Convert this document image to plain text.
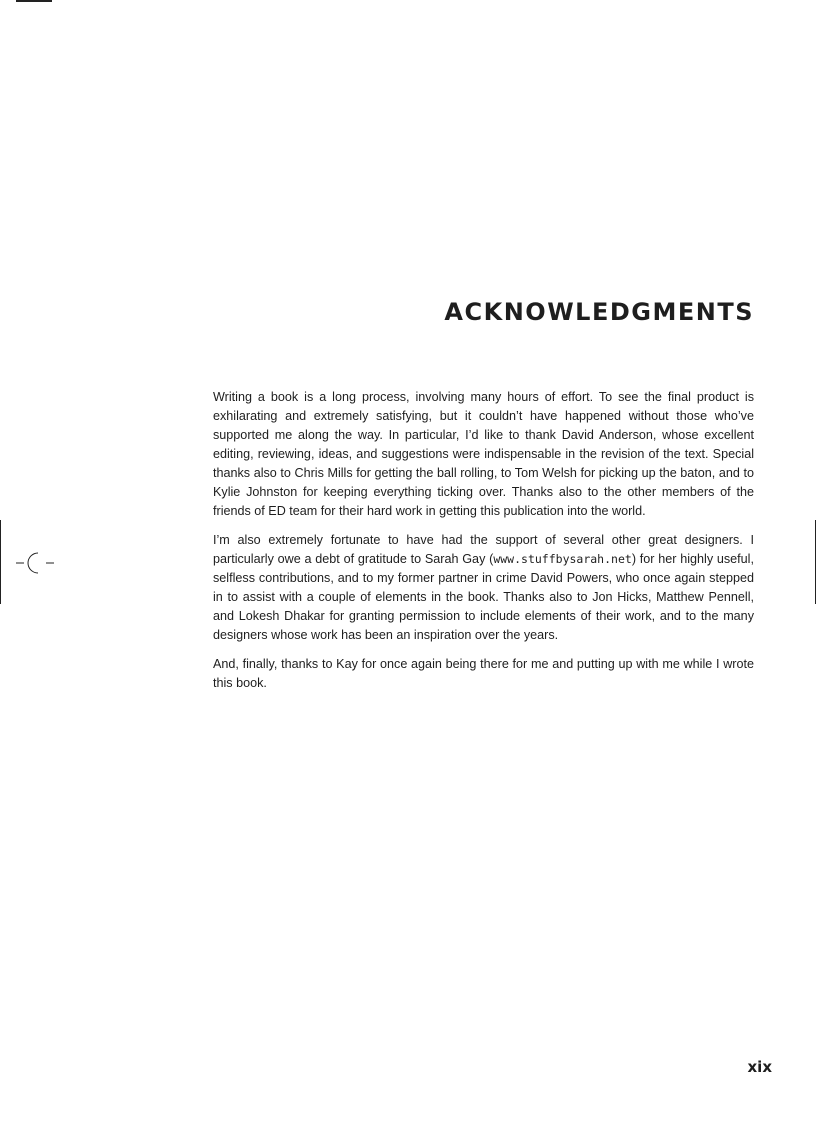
ACKNOWLEDGMENTS

Writing a book is a long process, involving many hours of effort. To see the final product is exhilarating and extremely satisfying, but it couldn’t have happened without those who’ve supported me along the way. In particular, I’d like to thank David Anderson, whose excellent editing, reviewing, ideas, and suggestions were indispensable in the revision of the text. Special thanks also to Chris Mills for getting the ball rolling, to Tom Welsh for picking up the baton, and to Kylie Johnston for keeping everything ticking over. Thanks also to the other members of the friends of ED team for their hard work in getting this publication into the world.

I’m also extremely fortunate to have had the support of several other great designers. I particularly owe a debt of gratitude to Sarah Gay (www.stuffbysarah.net) for her highly useful, selfless contributions, and to my former partner in crime David Powers, who once again stepped in to assist with a couple of elements in the book. Thanks also to Jon Hicks, Matthew Pennell, and Lokesh Dhakar for granting permission to include elements of their work, and to the many designers whose work has been an inspiration over the years.

And, finally, thanks to Kay for once again being there for me and putting up with me while I wrote this book.

xix
